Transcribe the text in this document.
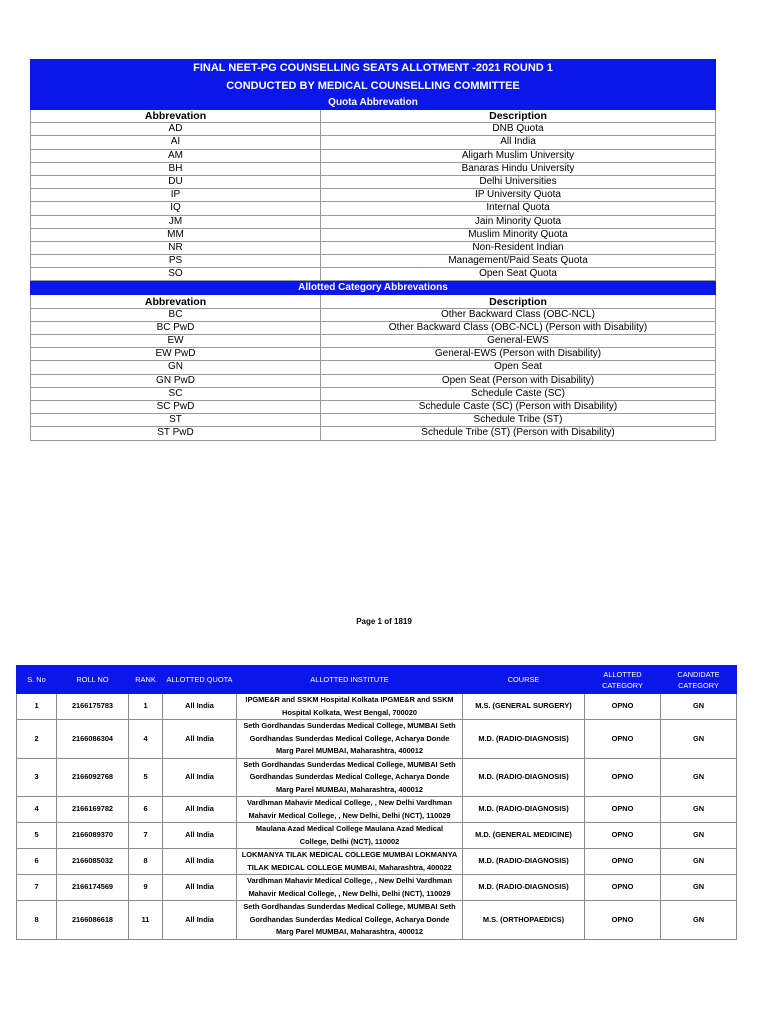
FINAL NEET-PG COUNSELLING SEATS ALLOTMENT -2021 ROUND 1	
CONDUCTED BY MEDICAL COUNSELLING COMMITTEE	
Quota Abbrevation	
Abbrevation	Description
AD	DNB Quota
AI	All India
AM	Aligarh Muslim University
BH	Banaras Hindu University
DU	Delhi Universities
IP	IP University Quota
IQ	Internal Quota
JM	Jain Minority Quota
MM	Muslim Minority Quota
NR	Non-Resident Indian
PS	Management/Paid Seats Quota
SO	Open Seat Quota
Allotted Category Abbrevations	
Abbrevation	Description
BC	Other Backward Class (OBC-NCL)
BC PwD	Other Backward Class (OBC-NCL) (Person with Disability)
EW	General-EWS
EW PwD	General-EWS (Person with Disability)
GN	Open Seat
GN PwD	Open Seat (Person with Disability)
SC	Schedule Caste (SC)
SC PwD	Schedule Caste (SC) (Person with Disability)
ST	Schedule Tribe (ST)
ST PwD	Schedule Tribe (ST) (Person with Disability)
Page 1 of 1819
S. No	ROLL NO	RANK	ALLOTTED QUOTA	ALLOTTED INSTITUTE	COURSE	ALLOTTED CATEGORY	CANDIDATE CATEGORY
1	2166175783	1	All India	IPGME&R and SSKM Hospital Kolkata IPGME&R and SSKM Hospital Kolkata, West Bengal, 700020	M.S. (GENERAL SURGERY)	OPNO	GN
2	2166086304	4	All India	Seth Gordhandas Sunderdas Medical College, MUMBAI Seth Gordhandas Sunderdas Medical College, Acharya Donde Marg Parel MUMBAI, Maharashtra, 400012	M.D. (RADIO-DIAGNOSIS)	OPNO	GN
3	2166092768	5	All India	Seth Gordhandas Sunderdas Medical College, MUMBAI Seth Gordhandas Sunderdas Medical College, Acharya Donde Marg Parel MUMBAI, Maharashtra, 400012	M.D. (RADIO-DIAGNOSIS)	OPNO	GN
4	2166169782	6	All India	Vardhman Mahavir Medical College, , New Delhi Vardhman Mahavir Medical College, , New Delhi, Delhi (NCT), 110029	M.D. (RADIO-DIAGNOSIS)	OPNO	GN
5	2166089370	7	All India	Maulana Azad Medical College Maulana Azad Medical College, Delhi (NCT), 110002	M.D. (GENERAL MEDICINE)	OPNO	GN
6	2166085032	8	All India	LOKMANYA TILAK MEDICAL COLLEGE MUMBAI LOKMANYA TILAK MEDICAL COLLEGE MUMBAI, Maharashtra, 400022	M.D. (RADIO-DIAGNOSIS)	OPNO	GN
7	2166174569	9	All India	Vardhman Mahavir Medical College, , New Delhi Vardhman Mahavir Medical College, , New Delhi, Delhi (NCT), 110029	M.D. (RADIO-DIAGNOSIS)	OPNO	GN
8	2166086618	11	All India	Seth Gordhandas Sunderdas Medical College, MUMBAI Seth Gordhandas Sunderdas Medical College, Acharya Donde Marg Parel MUMBAI, Maharashtra, 400012	M.S. (ORTHOPAEDICS)	OPNO	GN
